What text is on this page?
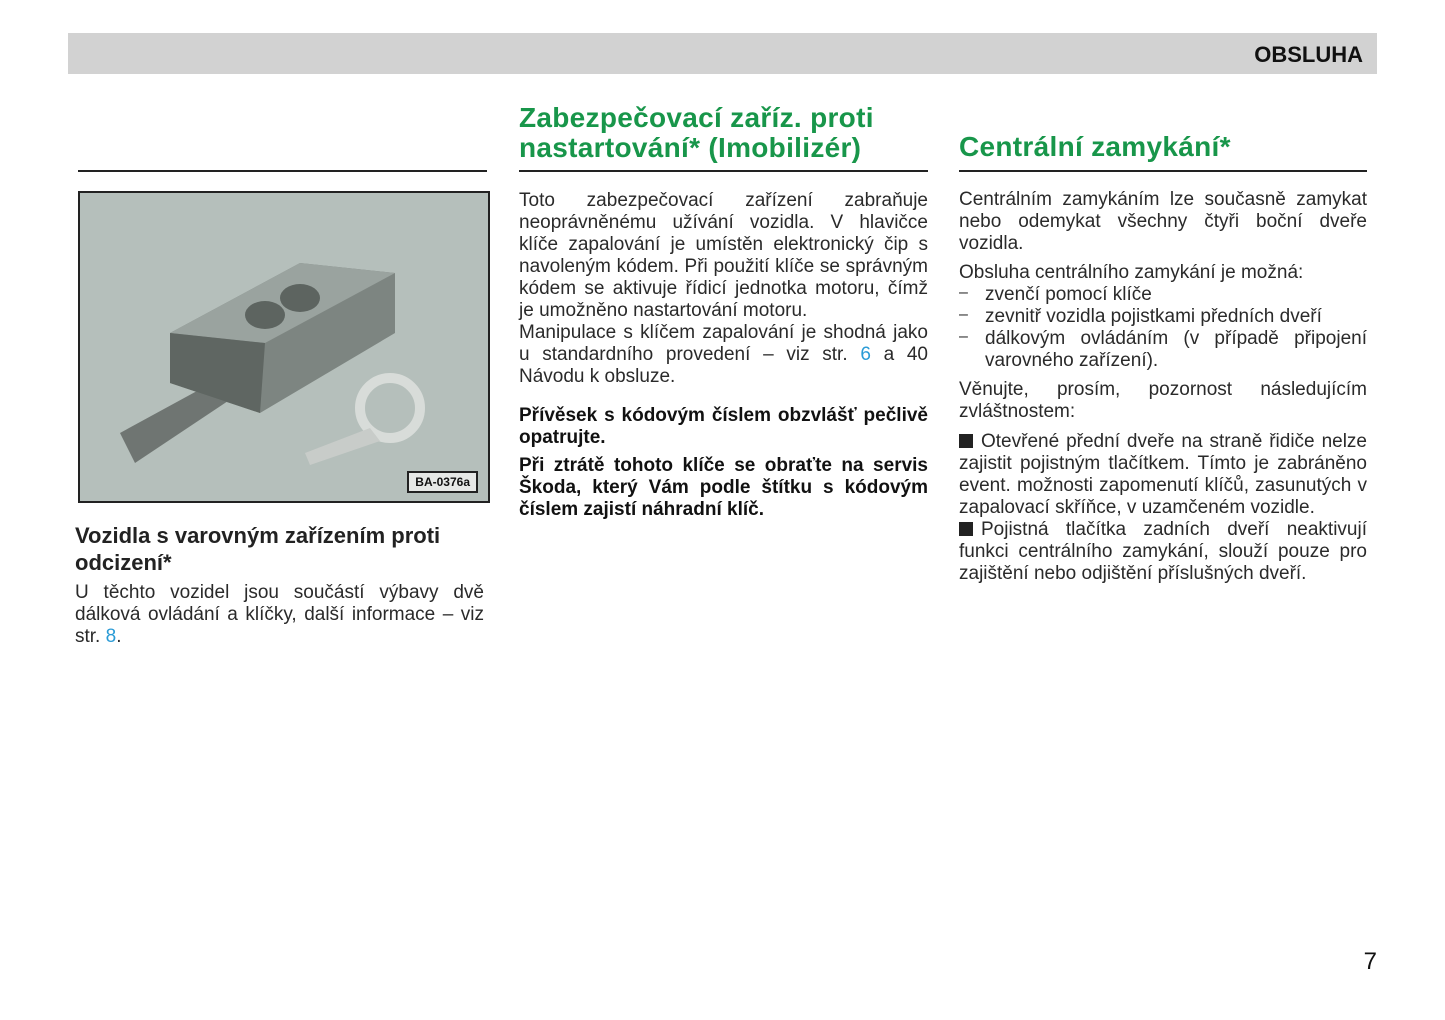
OBSLUHA
BA-0376a
Vozidla s varovným zařízením proti odcizení*

U těchto vozidel jsou součástí výbavy dvě dálková ovládání a klíčky, další informace – viz str. 8.

Zabezpečovací zaříz. proti
nastartování* (Imobilizér)

Toto zabezpečovací zařízení zabraňuje neoprávněnému užívání vozidla. V hlavičce klíče zapalování je umístěn elektronický čip s navoleným kódem. Při použití klíče se správným kódem se aktivuje řídicí jednotka motoru, čímž je umožněno nastartování motoru.

Manipulace s klíčem zapalování je shodná jako u standardního provedení – viz str. 6 a 40 Návodu k obsluze.

Přívěsek s kódovým číslem obzvlášť pečlivě opatrujte.

Při ztrátě tohoto klíče se obraťte na servis Škoda, který Vám podle štítku s kódovým číslem zajistí náhradní klíč.

Centrální zamykání*

Centrálním zamykáním lze současně zamykat nebo odemykat všechny čtyři boční dveře vozidla.

Obsluha centrálního zamykání je možná:

– zvenčí pomocí klíče

– zevnitř vozidla pojistkami předních dveří

– dálkovým ovládáním (v případě připojení varovného zařízení).

Věnujte, prosím, pozornost následujícím zvláštnostem:

Otevřené přední dveře na straně řidiče nelze zajistit pojistným tlačítkem. Tímto je zabráněno event. možnosti zapomenutí klíčů, zasunutých v zapalovací skříňce, v uzamčeném vozidle.

Pojistná tlačítka zadních dveří neaktivují funkci centrálního zamykání, slouží pouze pro zajištění nebo odjištění příslušných dveří.

7
